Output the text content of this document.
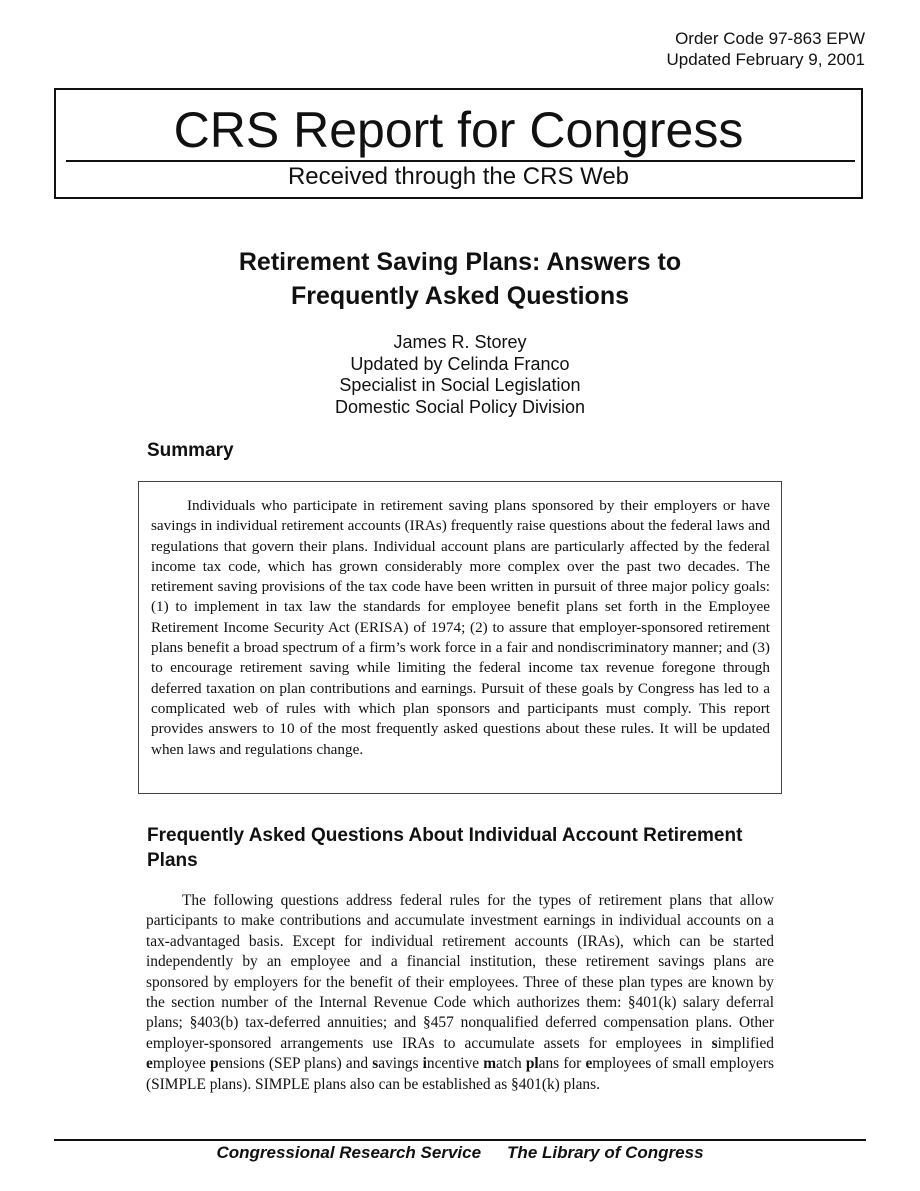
Order Code 97-863 EPW
Updated February 9, 2001
CRS Report for Congress
Received through the CRS Web
Retirement Saving Plans: Answers to
Frequently Asked Questions
James R. Storey
Updated by Celinda Franco
Specialist in Social Legislation
Domestic Social Policy Division
Summary

Individuals who participate in retirement saving plans sponsored by their employers or have savings in individual retirement accounts (IRAs) frequently raise questions about the federal laws and regulations that govern their plans. Individual account plans are particularly affected by the federal income tax code, which has grown considerably more complex over the past two decades. The retirement saving provisions of the tax code have been written in pursuit of three major policy goals: (1) to implement in tax law the standards for employee benefit plans set forth in the Employee Retirement Income Security Act (ERISA) of 1974; (2) to assure that employer-sponsored retirement plans benefit a broad spectrum of a firm’s work force in a fair and nondiscriminatory manner; and (3) to encourage retirement saving while limiting the federal income tax revenue foregone through deferred taxation on plan contributions and earnings. Pursuit of these goals by Congress has led to a complicated web of rules with which plan sponsors and participants must comply. This report provides answers to 10 of the most frequently asked questions about these rules. It will be updated when laws and regulations change.

Frequently Asked Questions About Individual Account Retirement Plans

The following questions address federal rules for the types of retirement plans that allow participants to make contributions and accumulate investment earnings in individual accounts on a tax-advantaged basis. Except for individual retirement accounts (IRAs), which can be started independently by an employee and a financial institution, these retirement savings plans are sponsored by employers for the benefit of their employees. Three of these plan types are known by the section number of the Internal Revenue Code which authorizes them: §401(k) salary deferral plans; §403(b) tax-deferred annuities; and §457 nonqualified deferred compensation plans. Other employer-sponsored arrangements use IRAs to accumulate assets for employees in simplified employee pensions (SEP plans) and savings incentive match plans for employees of small employers (SIMPLE plans). SIMPLE plans also can be established as §401(k) plans.

Congressional Research Service The Library of Congress
